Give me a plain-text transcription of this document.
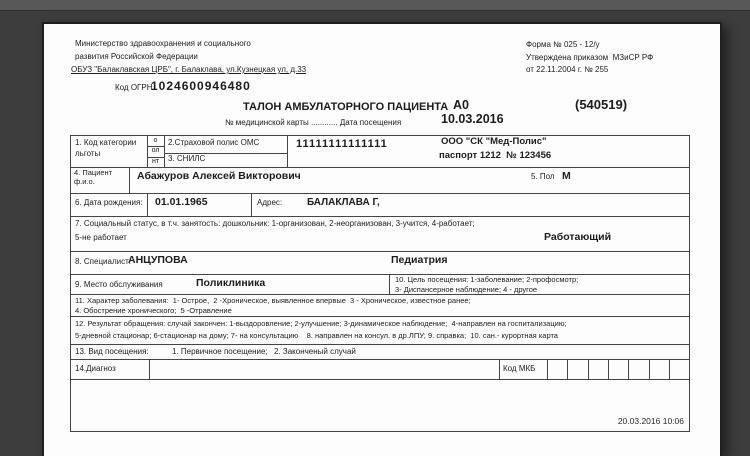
Министерство здравоохранения и социального
развития Российской Федерации
ОБУЗ "Балаклавская ЦРБ", г. Балаклава, ул.Кузнецкая ул, д.33
Форма № 025 - 12/у
Утверждена приказом  МЗиСР РФ
от 22.11.2004 г. № 255
Код ОГРН
1024600946480
ТАЛОН АМБУЛАТОРНОГО ПАЦИЕНТА А0	(540519)
№ медицинской карты ............ Дата посещения	10.03.2016
1. Код категории
льготы
о
ол
нт
2.Страховой полис ОМС
3. СНИЛС
11111111111111	ООО "СК "Мед-Полис"
паспорт 1212  № 123456
4. Пациент
ф.и.о.	Абажуров Алексей Викторович	5. Пол М
6. Дата рождения: 01.01.1965	Адрес: БАЛАКЛАВА Г,
7. Социальный статус, в т.ч. занятость: дошкольник: 1-организован, 2-неорганизован, 3-учится, 4-работает;
5-не работает	Работающий
8. Специалист:
АНЦУПОВА	Педиатрия
9. Место обслуживания	Поликлиника	10. Цель посещения: 1-заболевание; 2-профосмотр;
3- Диспансерное наблюдение; 4 - другое
11. Характер заболевания:  1- Острое,  2 -Хроническое, выявленное впервые  3 - Хроническое, известное ранее;
4. Обострение хронического;  5 -Отравление
12. Результат обращения: случай закончен: 1-выздоровление; 2-улучшение; 3-динамическое наблюдение;  4-направлен на госпитализацию;
5-дневной стационар; 6-стационар на дому; 7- на консультацию    8. направлен на консул. в др.ЛПУ; 9. справка;  10. сан.- курортная карта
13. Вид посещения:	1. Первичное посещение; 2. Законченый случай
14.Диагноз	Код МКБ
20.03.2016 10:06
